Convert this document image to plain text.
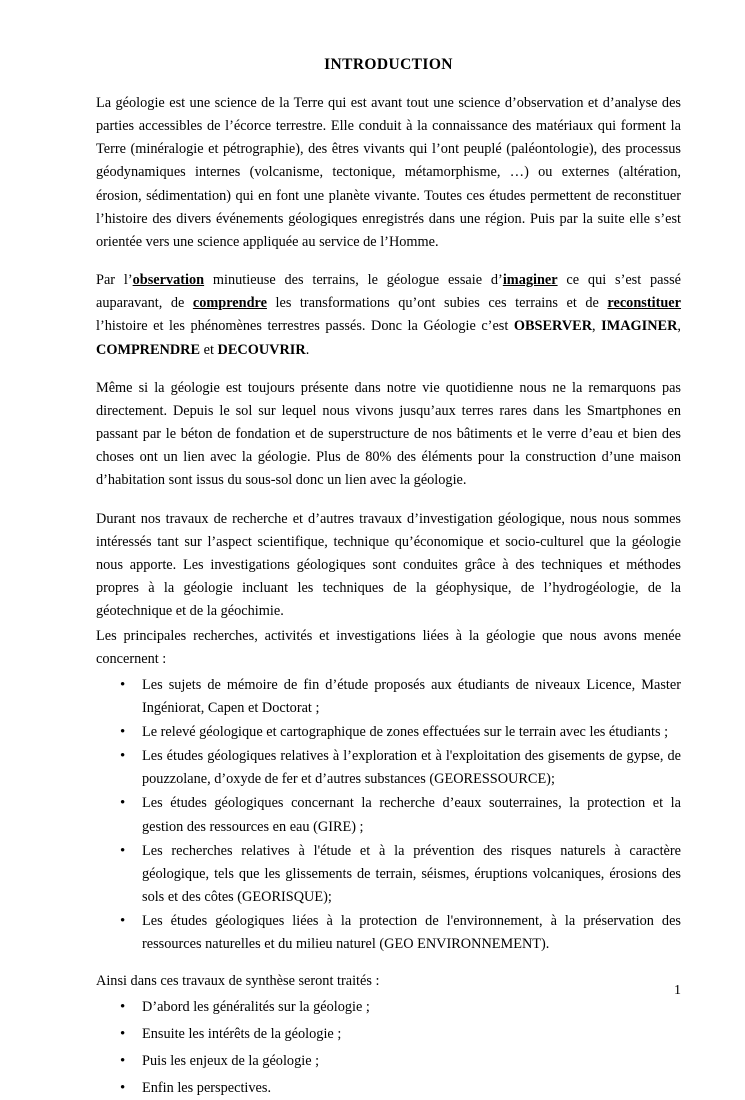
INTRODUCTION

La géologie est une science de la Terre qui est avant tout une science d’observation et d’analyse des parties accessibles de l’écorce terrestre. Elle conduit à la connaissance des matériaux qui forment la Terre (minéralogie et pétrographie), des êtres vivants qui l’ont peuplé (paléontologie), des processus géodynamiques internes (volcanisme, tectonique, métamorphisme, …) ou externes (altération, érosion, sédimentation) qui en font une planète vivante. Toutes ces études permettent de reconstituer l’histoire des divers événements géologiques enregistrés dans une région. Puis par la suite elle s’est orientée vers une science appliquée au service de l’Homme.

Par l’observation minutieuse des terrains, le géologue essaie d’imaginer ce qui s’est passé auparavant, de comprendre les transformations qu’ont subies ces terrains et de reconstituer l’histoire et les phénomènes terrestres passés. Donc la Géologie c’est OBSERVER, IMAGINER, COMPRENDRE et DECOUVRIR.

Même si la géologie est toujours présente dans notre vie quotidienne nous ne la remarquons pas directement. Depuis le sol sur lequel nous vivons jusqu’aux terres rares dans les Smartphones en passant par le béton de fondation et de superstructure de nos bâtiments et le verre d’eau et bien des choses ont un lien avec la géologie. Plus de 80% des éléments pour la construction d’une maison d’habitation sont issus du sous-sol donc un lien avec la géologie.

Durant nos travaux de recherche et d’autres travaux d’investigation géologique, nous nous sommes intéressés tant sur l’aspect scientifique, technique qu’économique et socio-culturel que la géologie nous apporte. Les investigations géologiques sont conduites grâce à des techniques et méthodes propres à la géologie incluant les techniques de la géophysique, de l’hydrogéologie, de la géotechnique et de la géochimie.

Les principales recherches, activités et investigations liées à la géologie que nous avons menée concernent :

• Les sujets de mémoire de fin d’étude proposés aux étudiants de niveaux Licence, Master Ingéniorat, Capen et Doctorat ;
• Le relevé géologique et cartographique de zones effectuées sur le terrain avec les étudiants ;
• Les études géologiques relatives à l’exploration et à l'exploitation des gisements de gypse, de pouzzolane, d’oxyde de fer et d’autres substances (GEORESSOURCE);
• Les études géologiques concernant la recherche d’eaux souterraines, la protection et la gestion des ressources en eau (GIRE) ;
• Les recherches relatives à l'étude et à la prévention des risques naturels à caractère géologique, tels que les glissements de terrain, séismes, éruptions volcaniques, érosions des sols et des côtes (GEORISQUE);
• Les études géologiques liées à la protection de l'environnement, à la préservation des ressources naturelles et du milieu naturel (GEO ENVIRONNEMENT).

Ainsi dans ces travaux de synthèse seront traités :

• D’abord les généralités sur la géologie ;
• Ensuite les intérêts de la géologie ;
• Puis les enjeux de la géologie ;
• Enfin les perspectives.
1
